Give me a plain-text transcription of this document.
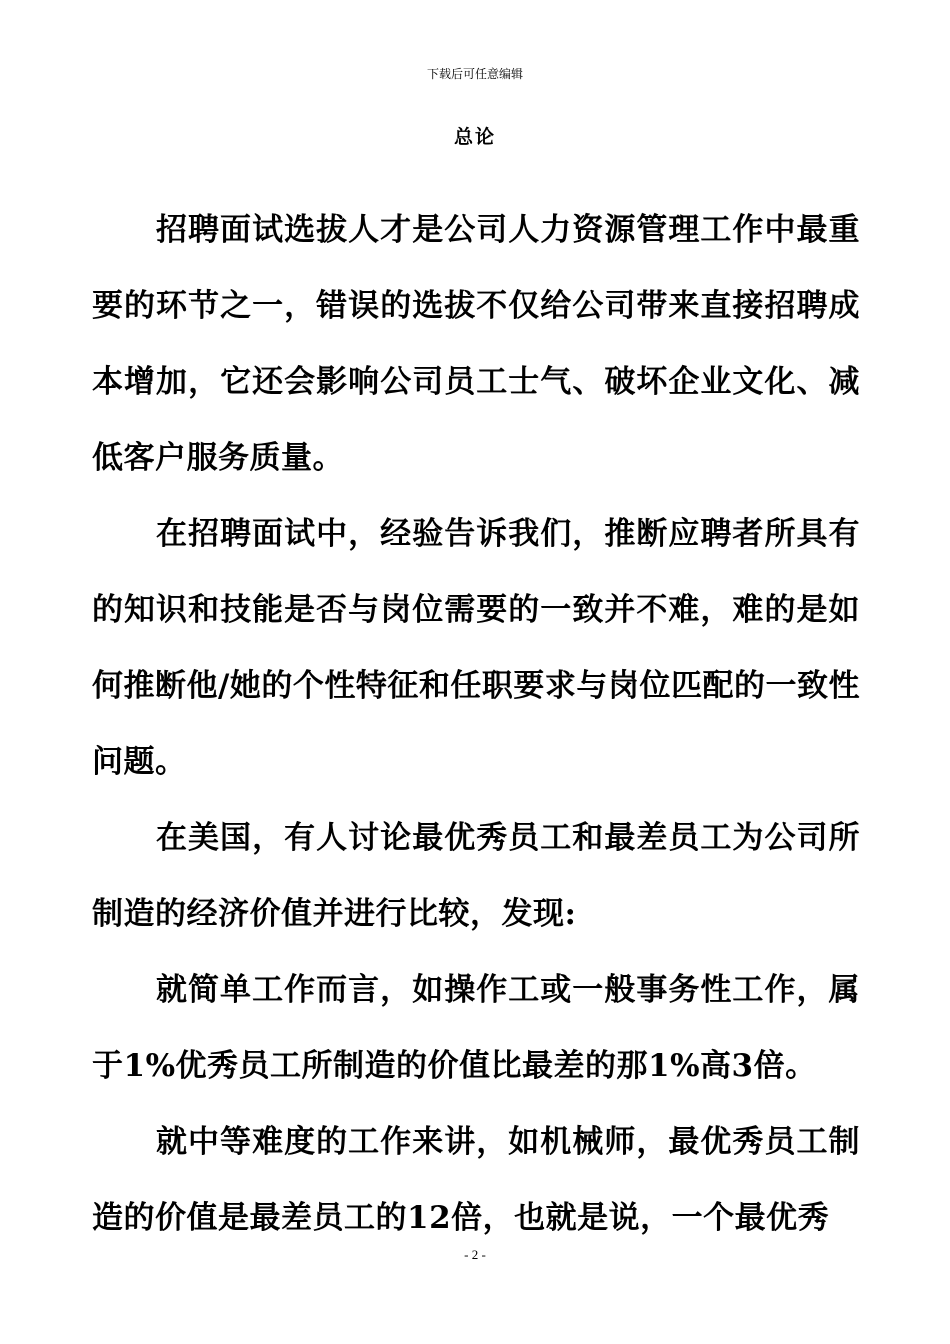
下载后可任意编辑
总论

招聘面试选拔人才是公司人力资源管理工作中最重要的环节之一，错误的选拔不仅给公司带来直接招聘成本增加，它还会影响公司员工士气、破坏企业文化、减低客户服务质量。

在招聘面试中，经验告诉我们，推断应聘者所具有的知识和技能是否与岗位需要的一致并不难，难的是如何推断他/她的个性特征和任职要求与岗位匹配的一致性问题。

在美国，有人讨论最优秀员工和最差员工为公司所制造的经济价值并进行比较，发现:

就简单工作而言，如操作工或一般事务性工作，属于1%优秀员工所制造的价值比最差的那1%高3倍。

就中等难度的工作来讲，如机械师，最优秀员工制造的价值是最差员工的12倍，也就是说，一个最优秀

- 2 -
